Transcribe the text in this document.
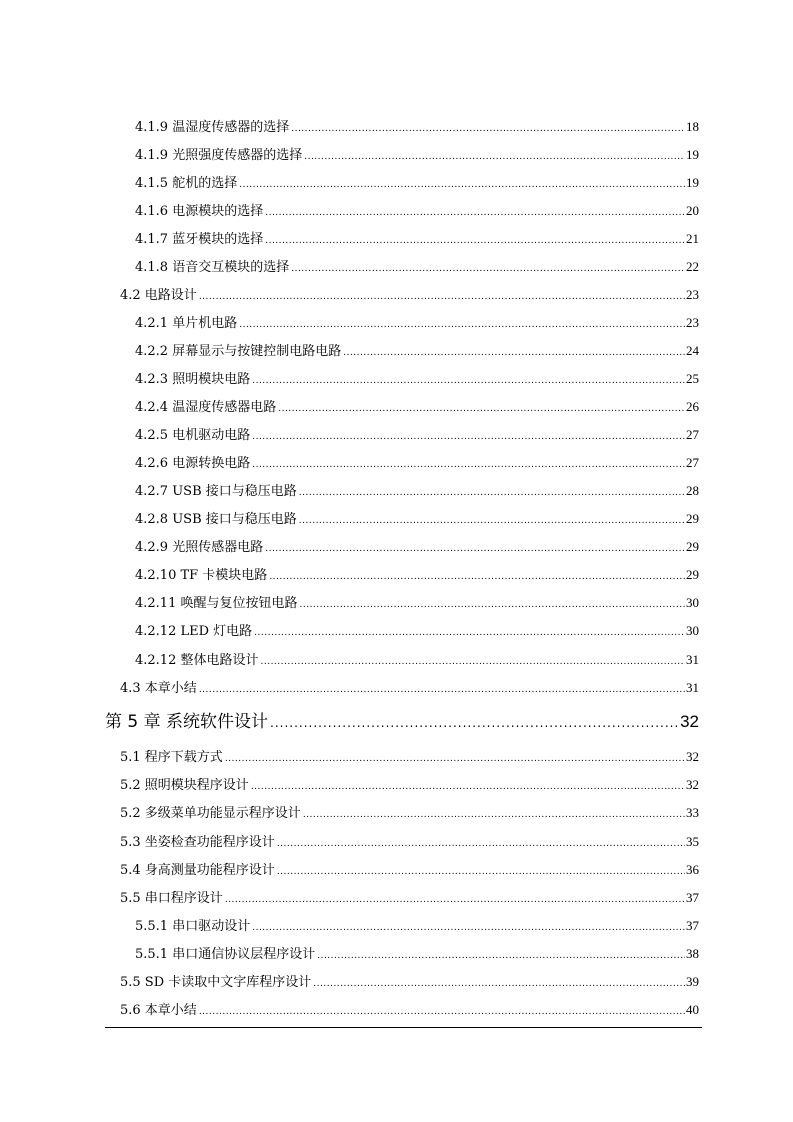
4.1.9 温湿度传感器的选择 .....	18
4.1.9 光照强度传感器的选择 .....	19
4.1.5 舵机的选择 .....	19
4.1.6 电源模块的选择 .....	20
4.1.7 蓝牙模块的选择 .....	21
4.1.8 语音交互模块的选择 .....	22
4.2 电路设计 .....	23
4.2.1 单片机电路 .....	23
4.2.2 屏幕显示与按键控制电路电路 .....	24
4.2.3 照明模块电路 .....	25
4.2.4 温湿度传感器电路 .....	26
4.2.5 电机驱动电路 .....	27
4.2.6 电源转换电路 .....	27
4.2.7 USB 接口与稳压电路 .....	28
4.2.8 USB 接口与稳压电路 .....	29
4.2.9 光照传感器电路 .....	29
4.2.10 TF 卡模块电路 .....	29
4.2.11 唤醒与复位按钮电路 .....	30
4.2.12 LED 灯电路 .....	30
4.2.12 整体电路设计 .....	31
4.3 本章小结 .....	31
第 5 章 系统软件设计 .....	32
5.1 程序下载方式 .....	32
5.2 照明模块程序设计 .....	32
5.2 多级菜单功能显示程序设计 .....	33
5.3 坐姿检查功能程序设计 .....	35
5.4 身高测量功能程序设计 .....	36
5.5 串口程序设计 .....	37
5.5.1 串口驱动设计 .....	37
5.5.1 串口通信协议层程序设计 .....	38
5.5 SD 卡读取中文字库程序设计 .....	39
5.6 本章小结 .....	40
